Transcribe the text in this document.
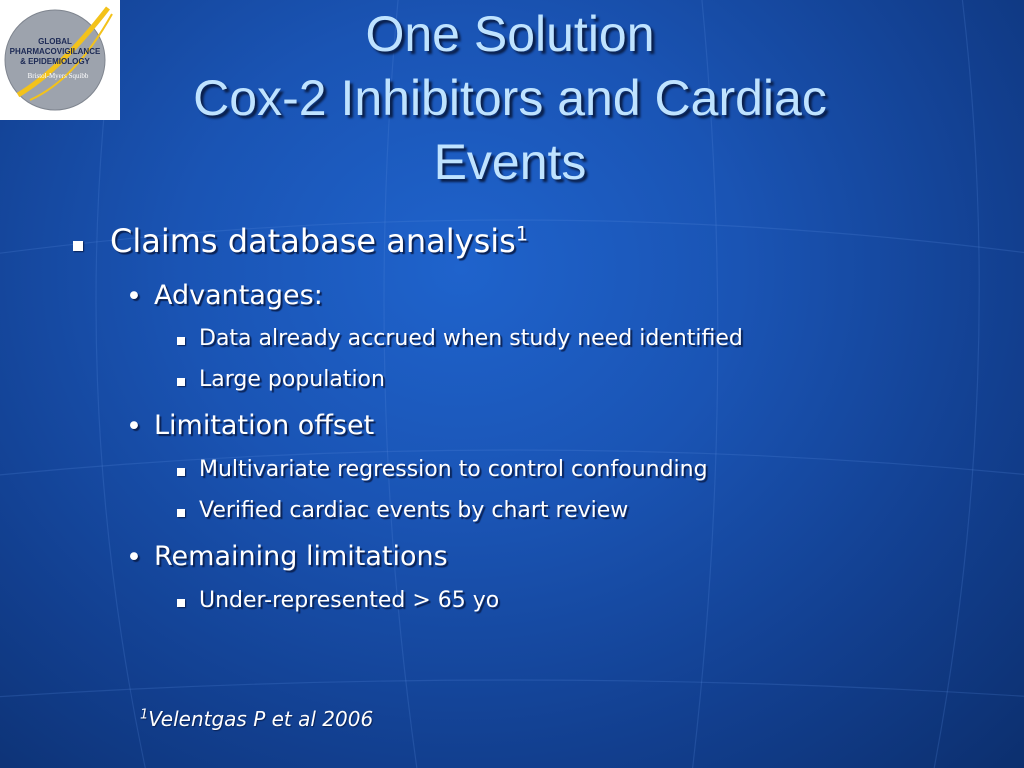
GLOBAL
PHARMACOVIGILANCE
& EPIDEMIOLOGY
Bristol-Myers Squibb
One Solution
Cox-2 Inhibitors and Cardiac
Events
Claims database analysis$^1$
• Advantages:
Data already accrued when study need identified
Large population
• Limitation offset
Multivariate regression to control confounding
Verified cardiac events by chart review
• Remaining limitations
Under-represented > 65 yo
$^1$Velentgas P et al 2006
